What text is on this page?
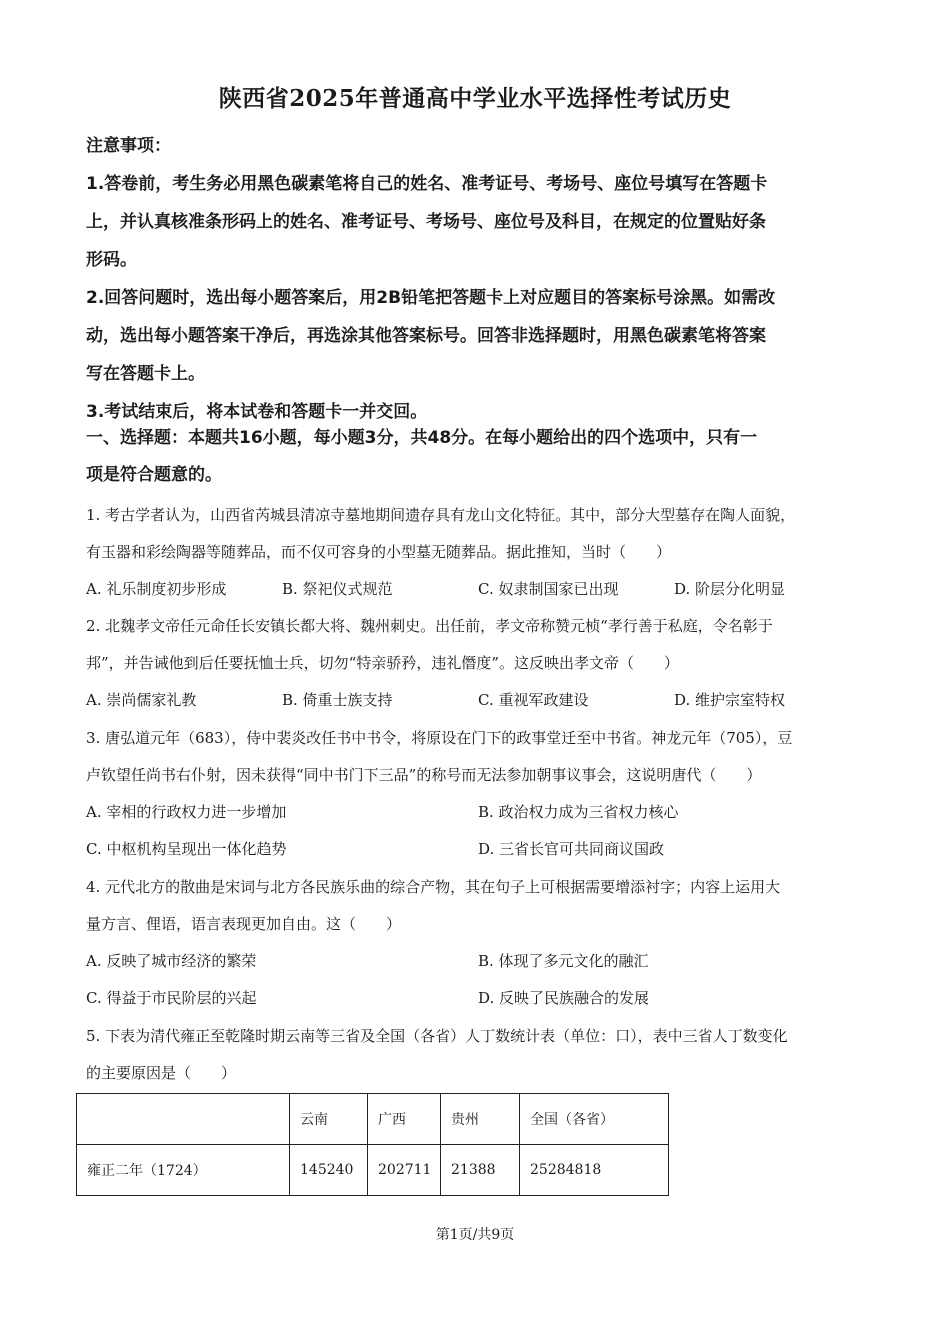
陕西省2025年普通高中学业水平选择性考试历史

注意事项：

1.答卷前，考生务必用黑色碳素笔将自己的姓名、准考证号、考场号、座位号填写在答题卡

上，并认真核准条形码上的姓名、准考证号、考场号、座位号及科目，在规定的位置贴好条

形码。

2.回答问题时，选出每小题答案后，用2B铅笔把答题卡上对应题目的答案标号涂黑。如需改

动，选出每小题答案干净后，再选涂其他答案标号。回答非选择题时，用黑色碳素笔将答案

写在答题卡上。

3.考试结束后，将本试卷和答题卡一并交回。

一、选择题：本题共16小题，每小题3分，共48分。在每小题给出的四个选项中，只有一
项是符合题意的。

1. 考古学者认为，山西省芮城县清凉寺墓地期间遗存具有龙山文化特征。其中，部分大型墓存在陶人面貌，

有玉器和彩绘陶器等随葬品，而不仅可容身的小型墓无随葬品。据此推知，当时（　　）

A. 礼乐制度初步形成	B. 祭祀仪式规范	C. 奴隶制国家已出现	D. 阶层分化明显

2. 北魏孝文帝任元命任长安镇长都大将、魏州刺史。出任前，孝文帝称赞元桢“孝行善于私庭，令名彰于

邦”，并告诫他到后任要抚恤士兵，切勿“特亲骄矜，违礼僭度”。这反映出孝文帝（　　）

A. 崇尚儒家礼教	B. 倚重士族支持	C. 重视军政建设	D. 维护宗室特权

3. 唐弘道元年（683），侍中裴炎改任书中书令，将原设在门下的政事堂迁至中书省。神龙元年（705），豆

卢钦望任尚书右仆射，因未获得“同中书门下三品”的称号而无法参加朝事议事会，这说明唐代（　　）

A. 宰相的行政权力进一步增加	B. 政治权力成为三省权力核心
C. 中枢机构呈现出一体化趋势	D. 三省长官可共同商议国政

4. 元代北方的散曲是宋词与北方各民族乐曲的综合产物，其在句子上可根据需要增添衬字；内容上运用大

量方言、俚语，语言表现更加自由。这（　　）

A. 反映了城市经济的繁荣	B. 体现了多元文化的融汇
C. 得益于市民阶层的兴起	D. 反映了民族融合的发展

5. 下表为清代雍正至乾隆时期云南等三省及全国（各省）人丁数统计表（单位：口），表中三省人丁数变化

的主要原因是（　　）

	云南	广西	贵州	全国（各省）
雍正二年（1724）	145240	202711	21388	25284818
第1页/共9页
